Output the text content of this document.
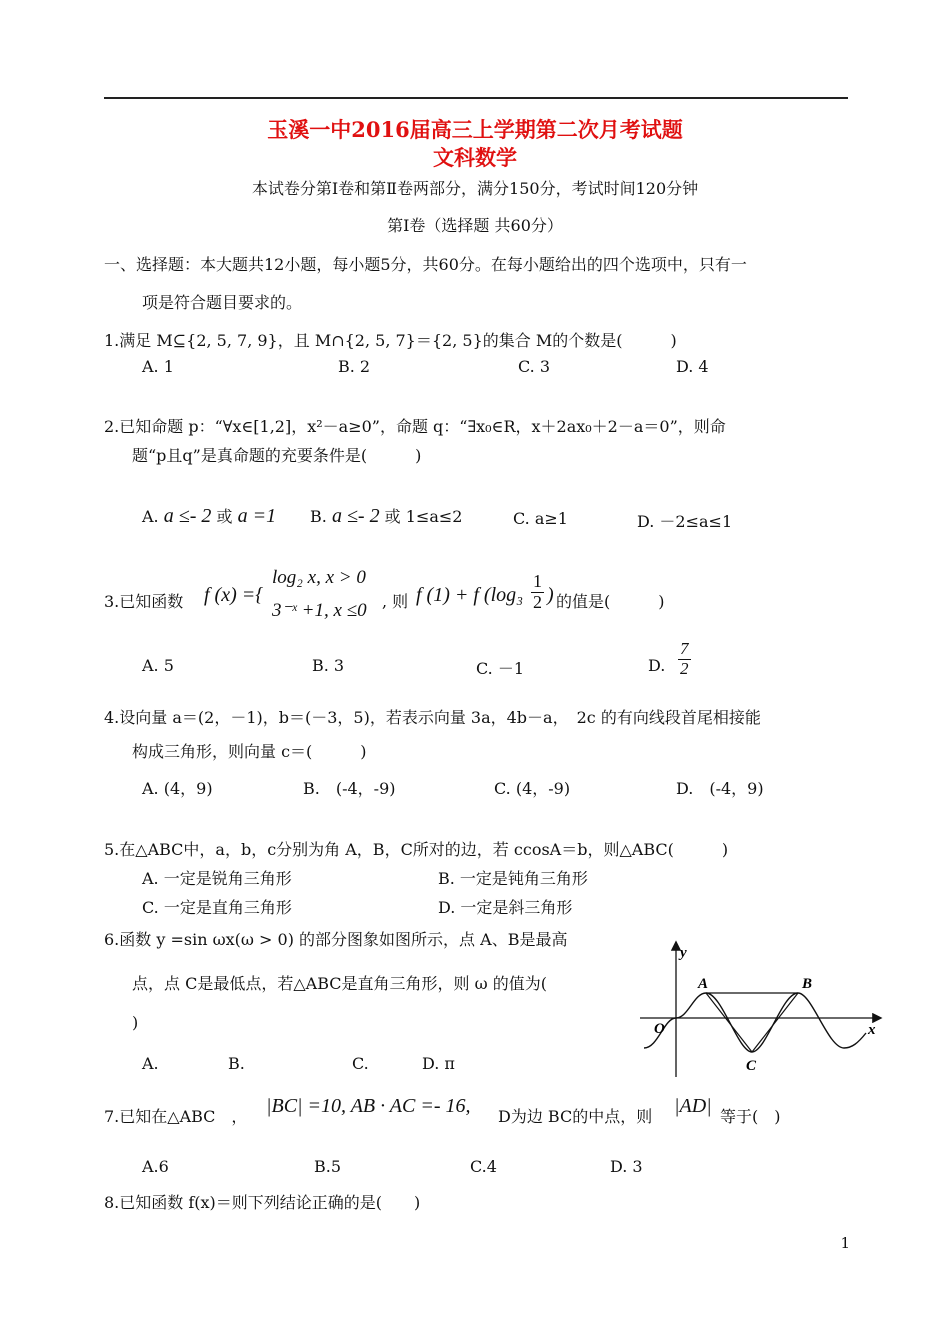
玉溪一中2016届高三上学期第二次月考试题
文科数学
本试卷分第Ⅰ卷和第Ⅱ卷两部分，满分150分，考试时间120分钟
第Ⅰ卷（选择题 共60分）
一、选择题：本大题共12小题，每小题5分，共60分。在每小题给出的四个选项中，只有一
项是符合题目要求的。
1.满足 M⊆{2, 5, 7, 9}，且 M∩{2, 5, 7}＝{2, 5}的集合 M的个数是(　　　)
A. 1	B. 2	C. 3	D. 4
2.已知命题 p：“∀x∈[1,2]，x²－a≥0”，命题 q：“∃x₀∈R，x＋2ax₀＋2－a＝0”，则命
题“p且q”是真命题的充要条件是(　　　)
A. a ≤- 2 或 a =1 B. a ≤- 2 或 1≤a≤2	C. a≥1	D. －2≤a≤1
3.已知函数 f (x) ={
log₂ x, x > 0
3⁻ˣ +1, x ≤0 , 则 f (1) + f ($\log_3 \frac{1}{2}$ ) 的值是(　　　)
A. 5	B. 3	C. －1	D. $\frac{7}{2}$
4.设向量 a＝(2，－1)，b＝(－3，5)，若表示向量 3a，4b－a，　2c 的有向线段首尾相接能
构成三角形，则向量 c＝(　　　)
A. (4，9)	B.　(-4，-9)	C. (4，-9)	D.　(-4，9)
5.在△ABC中，a，b，c分别为角 A，B，C所对的边，若 ccosA＝b，则△ABC(　　　)
A. 一定是锐角三角形	B. 一定是钝角三角形
C. 一定是直角三角形	D. 一定是斜三角形
6.函数 y =sin ωx(ω > 0) 的部分图象如图所示，点 A、B是最高
点，点 C是最低点，若△ABC是直角三角形，则 ω 的值为(
)
A.	B.	C.	D. π
y
x
O
A	B
C
7.已知在△ABC　， |BC| =10, AB · AC =- 16, D为边 BC的中点，则 |AD| 等于(　)
A.6	B.5	C.4	D. 3
8.已知函数 f(x)＝则下列结论正确的是(　　)
1
